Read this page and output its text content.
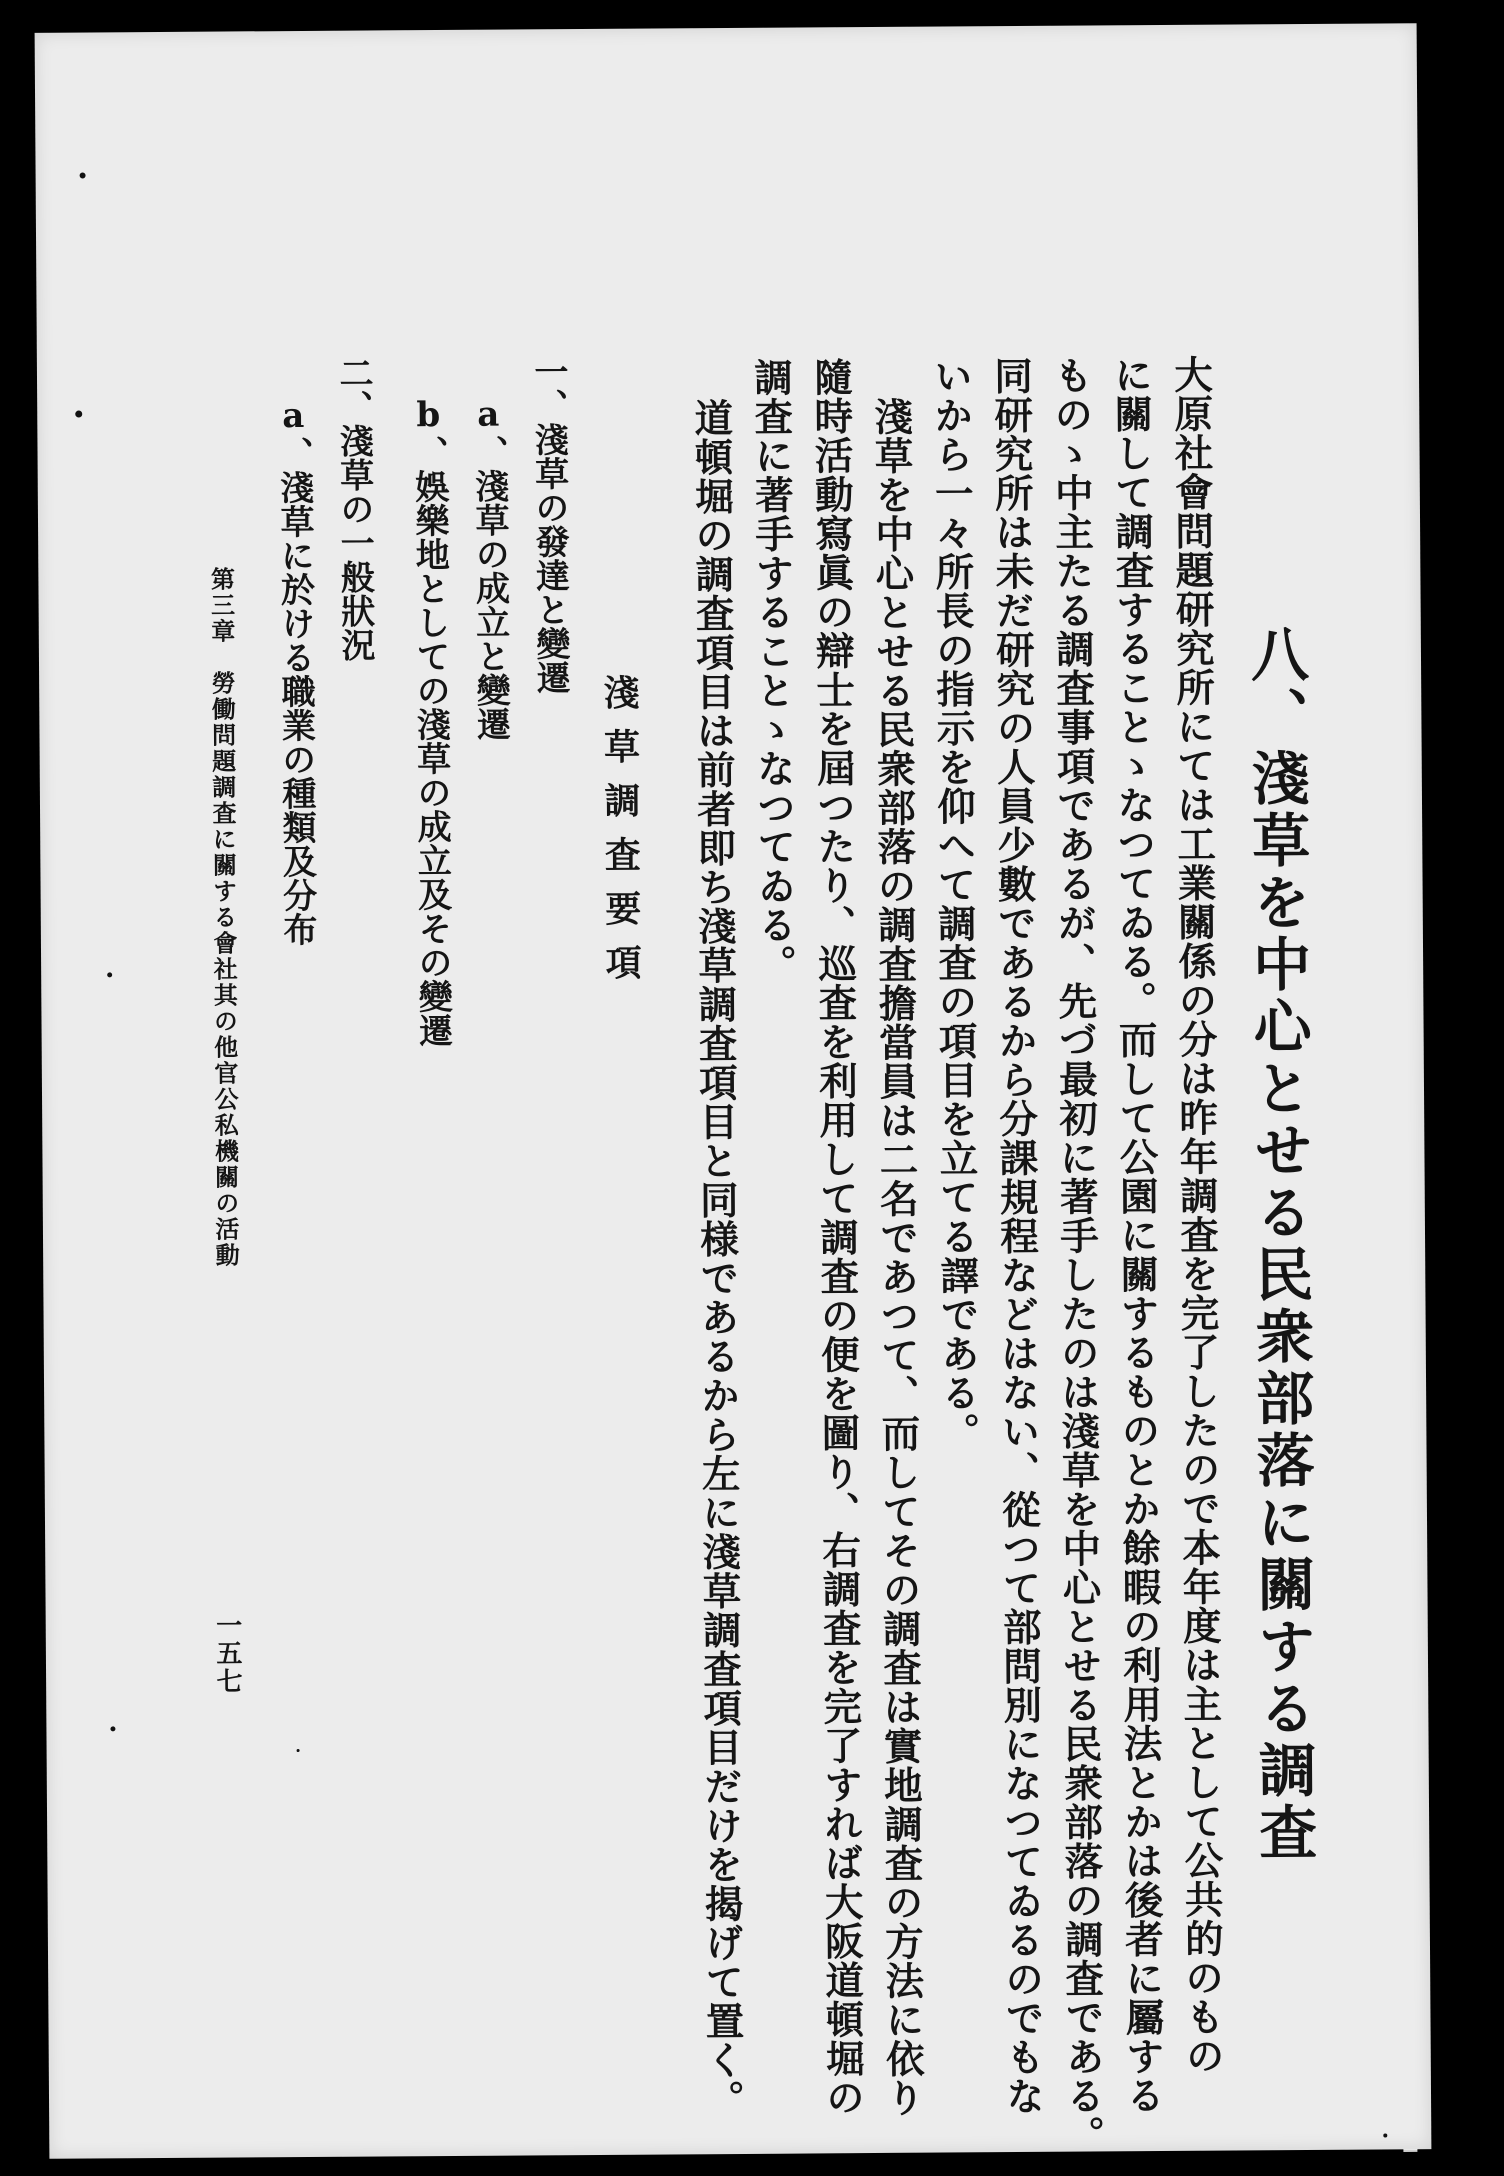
八、淺草を中心とせる民衆部落に關する調査
大原社會問題研究所にては工業關係の分は昨年調査を完了したので本年度は主として公共的のもの
に關して調査することゝなつてゐる。而して公園に關するものとか餘暇の利用法とかは後者に屬する
ものゝ中主たる調査事項であるが、先づ最初に著手したのは淺草を中心とせる民衆部落の調査である。
同研究所は未だ研究の人員少數であるから分課規程などはない、從つて部問別になつてゐるのでもな
いから一々所長の指示を仰へて調査の項目を立てる譯である。
淺草を中心とせる民衆部落の調査擔當員は二名であつて、而してその調査は實地調査の方法に依り
隨時活動寫眞の辯士を屆つたり、巡査を利用して調査の便を圖り、右調査を完了すれば大阪道頓堀の
調査に著手することゝなつてゐる。
道頓堀の調査項目は前者即ち淺草調査項目と同様であるから左に淺草調査項目だけを揭げて置く。
淺草調査要項
一、淺草の發達と變遷
a、淺草の成立と變遷
b、娛樂地としての淺草の成立及その變遷
二、淺草の一般狀況
a、淺草に於ける職業の種類及分布
第三章　勞働問題調査に關する會社其の他官公私機關の活動
一五七
